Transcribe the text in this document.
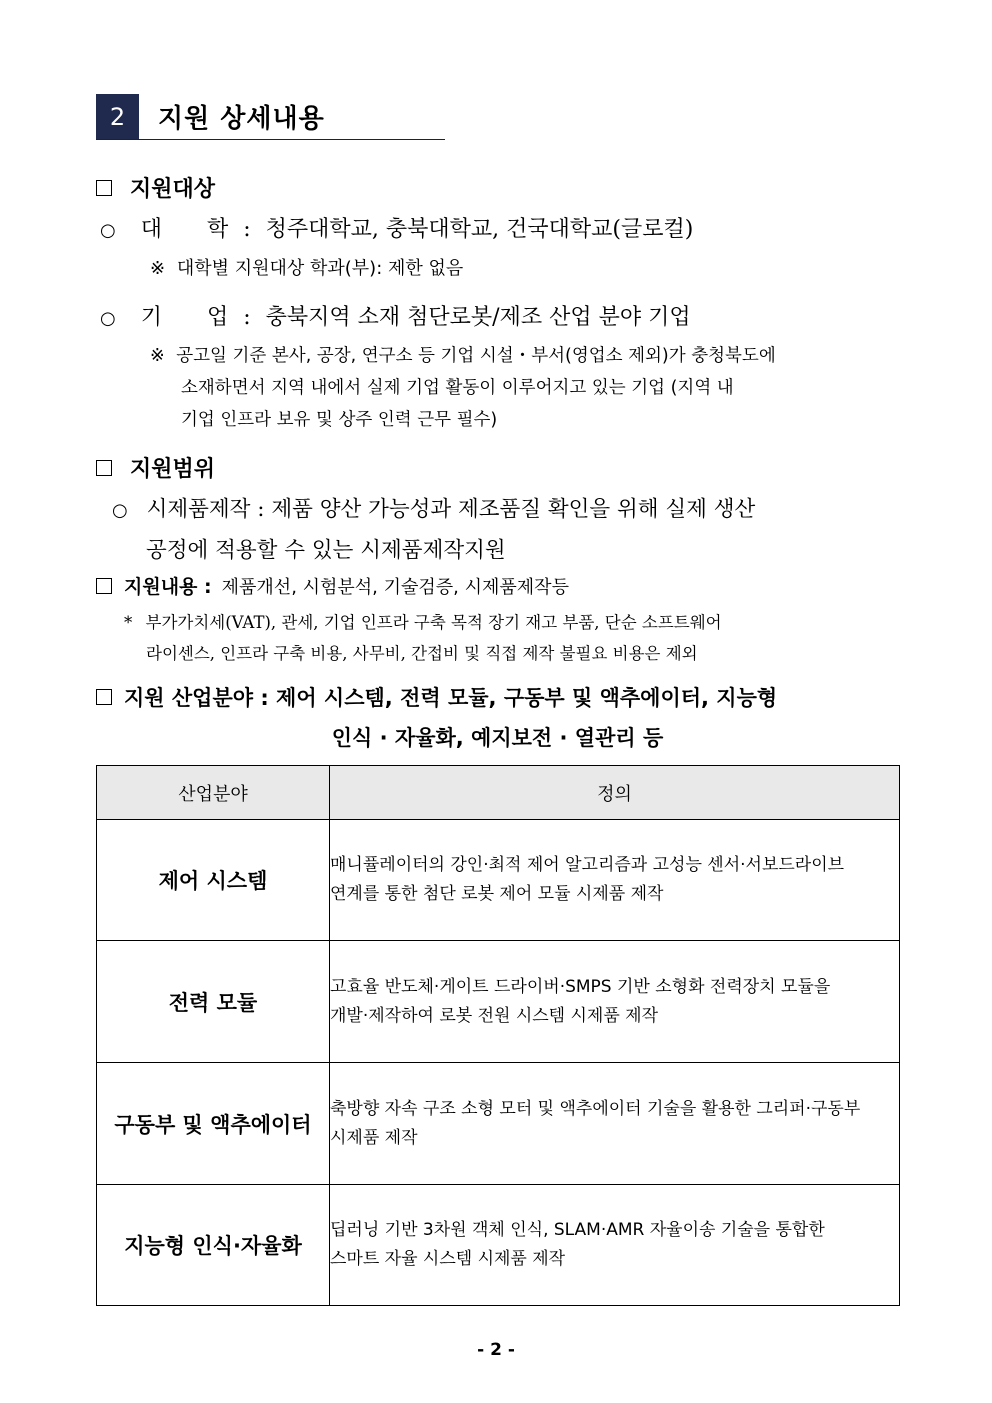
2	지원 상세내용
지원대상
○ 대 학 : 청주대학교, 충북대학교, 건국대학교(글로컬)
※ 대학별 지원대상 학과(부): 제한 없음
○ 기 업 : 충북지역 소재 첨단로봇/제조 산업 분야 기업
※ 공고일 기준 본사, 공장, 연구소 등 기업 시설・부서(영업소 제외)가 충청북도에
소재하면서 지역 내에서 실제 기업 활동이 이루어지고 있는 기업 (지역 내
기업 인프라 보유 및 상주 인력 근무 필수)
지원범위
○ 시제품제작 : 제품 양산 가능성과 제조품질 확인을 위해 실제 생산
공정에 적용할 수 있는 시제품제작지원
지원내용 : 제품개선, 시험분석, 기술검증, 시제품제작등
* 부가가치세(VAT), 관세, 기업 인프라 구축 목적 장기 재고 부품, 단순 소프트웨어
라이센스, 인프라 구축 비용, 사무비, 간접비 및 직접 제작 불필요 비용은 제외
지원 산업분야 : 제어 시스템, 전력 모듈, 구동부 및 액추에이터, 지능형
인식 · 자율화, 예지보전 · 열관리 등
산업분야	정의
제어 시스템	매니퓰레이터의 강인·최적 제어 알고리즘과 고성능 센서·서보드라이브
연계를 통한 첨단 로봇 제어 모듈 시제품 제작

전력 모듈	고효율 반도체·게이트 드라이버·SMPS 기반 소형화 전력장치 모듈을
개발·제작하여 로봇 전원 시스템 시제품 제작

구동부 및 액추에이터	축방향 자속 구조 소형 모터 및 액추에이터 기술을 활용한 그리퍼·구동부
시제품 제작

지능형 인식·자율화	딥러닝 기반 3차원 객체 인식, SLAM·AMR 자율이송 기술을 통합한
스마트 자율 시스템 시제품 제작
- 2 -
